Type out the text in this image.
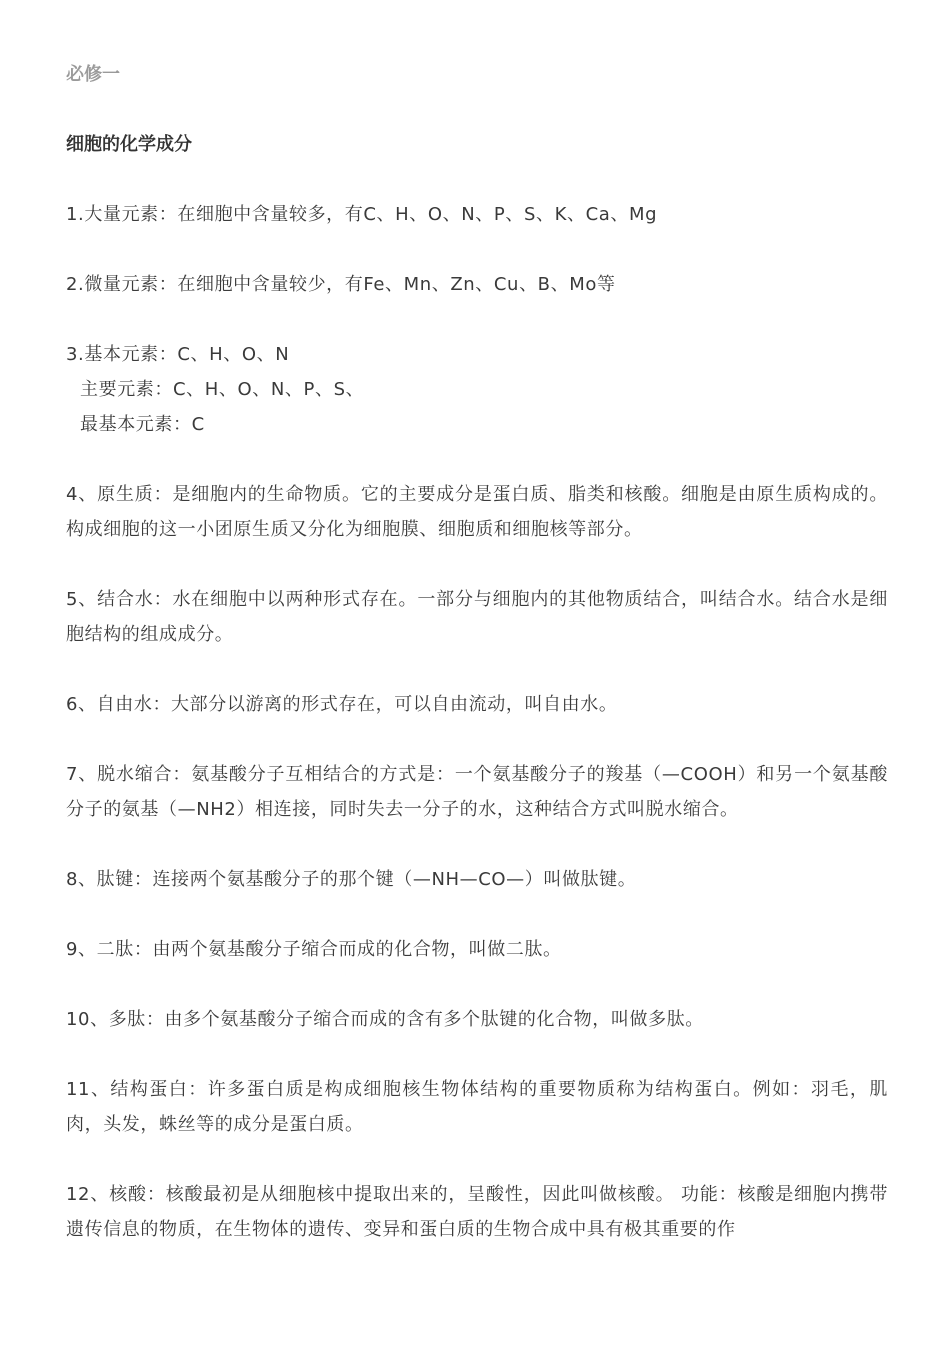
必修一
细胞的化学成分

1.大量元素：在细胞中含量较多，有C、H、O、N、P、S、K、Ca、Mg

2.微量元素：在细胞中含量较少，有Fe、Mn、Zn、Cu、B、Mo等

3.基本元素：C、H、O、N
主要元素：C、H、O、N、P、S、
最基本元素：C

4、原生质：是细胞内的生命物质。它的主要成分是蛋白质、脂类和核酸。细胞是由原生质构成的。构成细胞的这一小团原生质又分化为细胞膜、细胞质和细胞核等部分。

5、结合水：水在细胞中以两种形式存在。一部分与细胞内的其他物质结合，叫结合水。结合水是细胞结构的组成成分。

6、自由水：大部分以游离的形式存在，可以自由流动，叫自由水。

7、脱水缩合：氨基酸分子互相结合的方式是：一个氨基酸分子的羧基（—COOH）和另一个氨基酸分子的氨基（—NH2）相连接，同时失去一分子的水，这种结合方式叫脱水缩合。

8、肽键：连接两个氨基酸分子的那个键（—NH—CO—）叫做肽键。

9、二肽：由两个氨基酸分子缩合而成的化合物，叫做二肽。

10、多肽：由多个氨基酸分子缩合而成的含有多个肽键的化合物，叫做多肽。

11、结构蛋白：许多蛋白质是构成细胞核生物体结构的重要物质称为结构蛋白。例如：羽毛，肌肉，头发，蛛丝等的成分是蛋白质。

12、核酸：核酸最初是从细胞核中提取出来的，呈酸性，因此叫做核酸。 功能：核酸是细胞内携带遗传信息的物质，在生物体的遗传、变异和蛋白质的生物合成中具有极其重要的作
